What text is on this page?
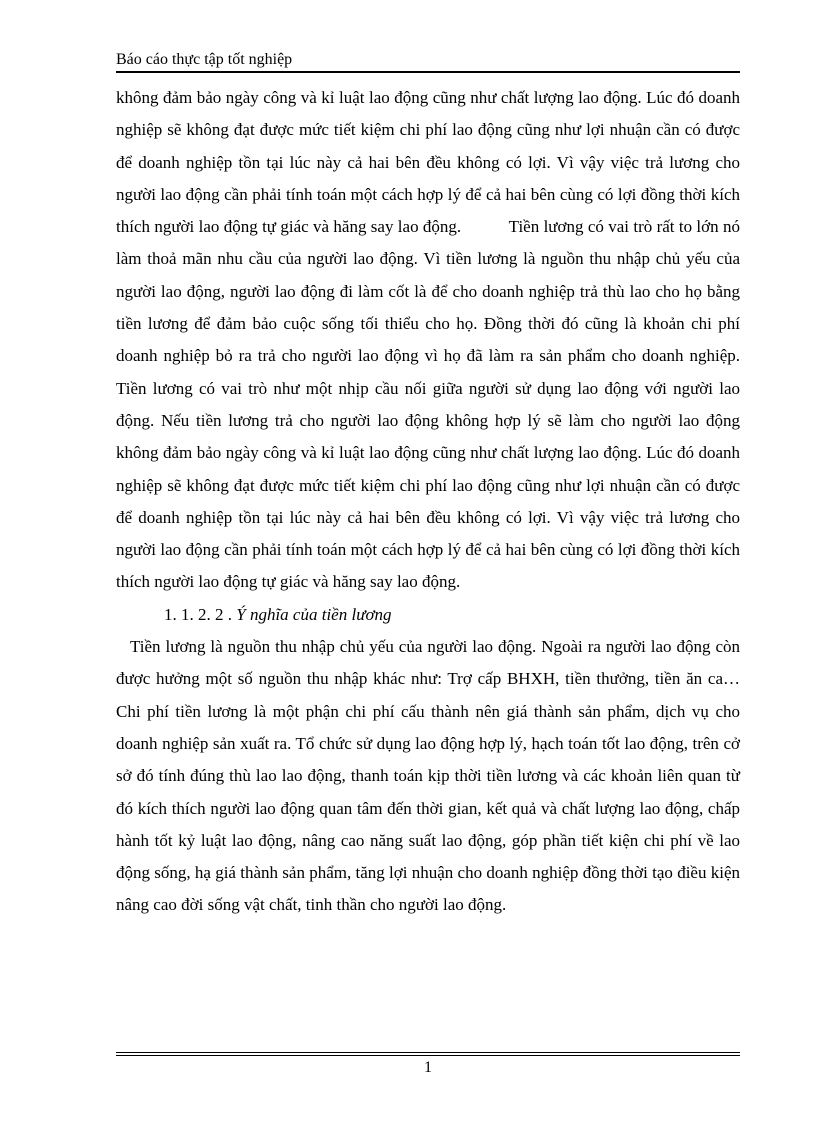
Báo cáo thực tập tốt nghiệp

không đảm bảo ngày công và kỉ luật lao động cũng như chất lượng lao động. Lúc đó doanh nghiệp sẽ không đạt được mức tiết kiệm chi phí lao động cũng như lợi nhuận cần có được để doanh nghiệp tồn tại lúc này cả hai bên đều không có lợi. Vì vậy việc trả lương cho người lao động cần phải tính toán một cách hợp lý để cả hai bên cùng có lợi đồng thời kích thích người lao động tự giác và hăng say lao động.           Tiền lương có vai trò rất to lớn nó làm thoả mãn nhu cầu của người lao động. Vì tiền lương là nguồn thu nhập chủ yếu của người lao động, người lao động đi làm cốt là để cho doanh nghiệp trả thù lao cho họ bằng tiền lương để đảm bảo cuộc sống tối thiểu cho họ. Đồng thời đó cũng là khoản chi phí doanh nghiệp bỏ ra trả cho người lao động vì họ đã làm ra sản phẩm cho doanh nghiệp. Tiền lương có vai trò như một nhịp cầu nối giữa người sử dụng lao động với người lao động. Nếu tiền lương trả cho người lao động không hợp lý sẽ làm cho người lao động không đảm bảo ngày công và kỉ luật lao động cũng như chất lượng lao động. Lúc đó doanh nghiệp sẽ không đạt được mức tiết kiệm chi phí lao động cũng như lợi nhuận cần có được để doanh nghiệp tồn tại lúc này cả hai bên đều không có lợi. Vì vậy việc trả lương cho người lao động cần phải tính toán một cách hợp lý để cả hai bên cùng có lợi đồng thời kích thích người lao động tự giác và hăng say lao động.

1. 1. 2. 2 . Ý nghĩa của tiền lương

Tiền lương là nguồn thu nhập chủ yếu của người lao động. Ngoài ra người lao động còn được hưởng một số nguồn thu nhập khác như: Trợ cấp BHXH, tiền thưởng, tiền ăn ca… Chi phí tiền lương là một phận chi phí cấu thành nên giá thành sản phẩm, dịch vụ cho doanh nghiệp sản xuất ra. Tổ chức sử dụng lao động hợp lý, hạch toán tốt lao động, trên cở sở đó tính đúng thù lao lao động, thanh toán kịp thời tiền lương và các khoản liên quan từ đó kích thích người lao động quan tâm đến thời gian, kết quả và chất lượng lao động, chấp hành tốt kỷ luật lao động, nâng cao năng suất lao động, góp phần tiết kiện chi phí về lao động sống, hạ giá thành sản phẩm, tăng lợi nhuận cho doanh nghiệp đồng thời tạo điều kiện nâng cao đời sống vật chất, tinh thần cho người lao động.

1
